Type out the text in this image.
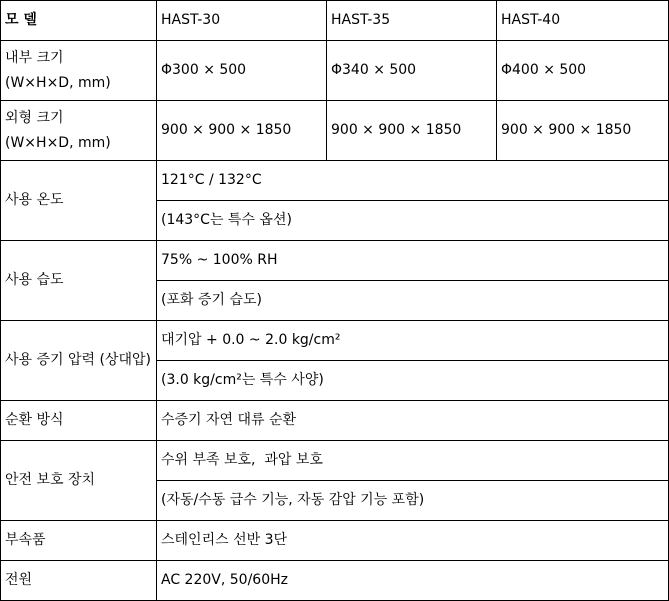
모 델	HAST-30	HAST-35	HAST-40
내부 크기
(W×H×D, mm)	Φ300 × 500	Φ340 × 500	Φ400 × 500
외형 크기
(W×H×D, mm)	900 × 900 × 1850	900 × 900 × 1850	900 × 900 × 1850
사용 온도	121°C / 132°C		
	(143°C는 특수 옵션)		
사용 습도	75% ~ 100% RH		
	(포화 증기 습도)		
사용 증기 압력 (상대압)	대기압 + 0.0 ~ 2.0 kg/cm²		
	(3.0 kg/cm²는 특수 사양)		
순환 방식	수증기 자연 대류 순환		
안전 보호 장치	수위 부족 보호,  과압 보호		
	(자동/수동 급수 기능, 자동 감압 기능 포함)		
부속품	스테인리스 선반 3단		
전원	AC 220V, 50/60Hz		
